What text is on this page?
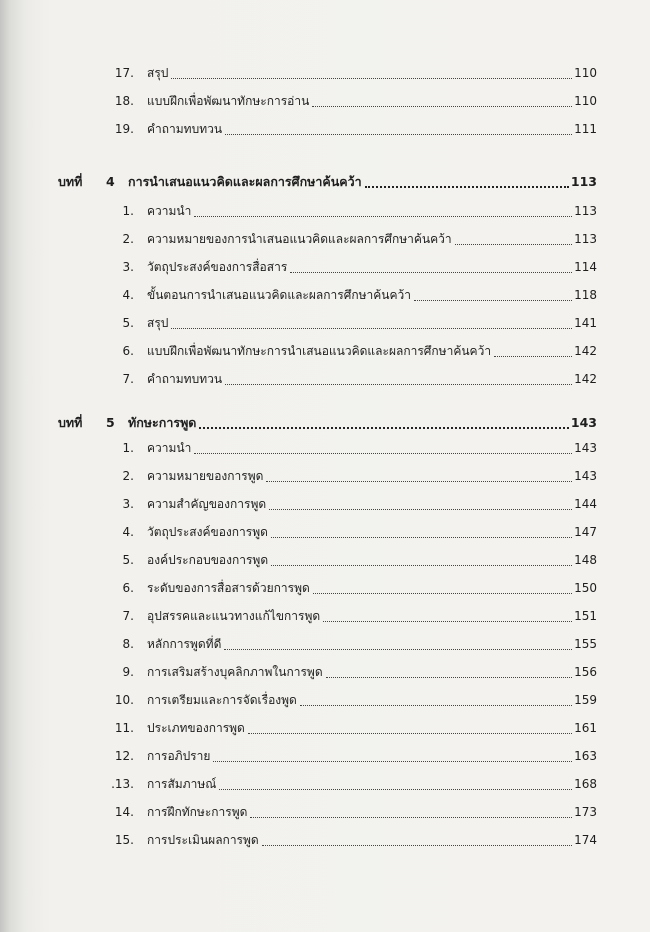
17. สรุป	110
18. แบบฝึกเพื่อพัฒนาทักษะการอ่าน	110
19. คำถามทบทวน	111
บทที่ 4 การนำเสนอแนวคิดและผลการศึกษาค้นคว้า	113
1. ความนำ	113
2. ความหมายของการนำเสนอแนวคิดและผลการศึกษาค้นคว้า	113
3. วัตถุประสงค์ของการสื่อสาร	114
4. ขั้นตอนการนำเสนอแนวคิดและผลการศึกษาค้นคว้า	118
5. สรุป	141
6. แบบฝึกเพื่อพัฒนาทักษะการนำเสนอแนวคิดและผลการศึกษาค้นคว้า	142
7. คำถามทบทวน	142
บทที่ 5 ทักษะการพูด	143
1. ความนำ	143
2. ความหมายของการพูด	143
3. ความสำคัญของการพูด	144
4. วัตถุประสงค์ของการพูด	147
5. องค์ประกอบของการพูด	148
6. ระดับของการสื่อสารด้วยการพูด	150
7. อุปสรรคและแนวทางแก้ไขการพูด	151
8. หลักการพูดที่ดี	155
9. การเสริมสร้างบุคลิกภาพในการพูด	156
10. การเตรียมและการจัดเรื่องพูด	159
11. ประเภทของการพูด	161
12. การอภิปราย	163
.13. การสัมภาษณ์	168
14. การฝึกทักษะการพูด	173
15. การประเมินผลการพูด	174
